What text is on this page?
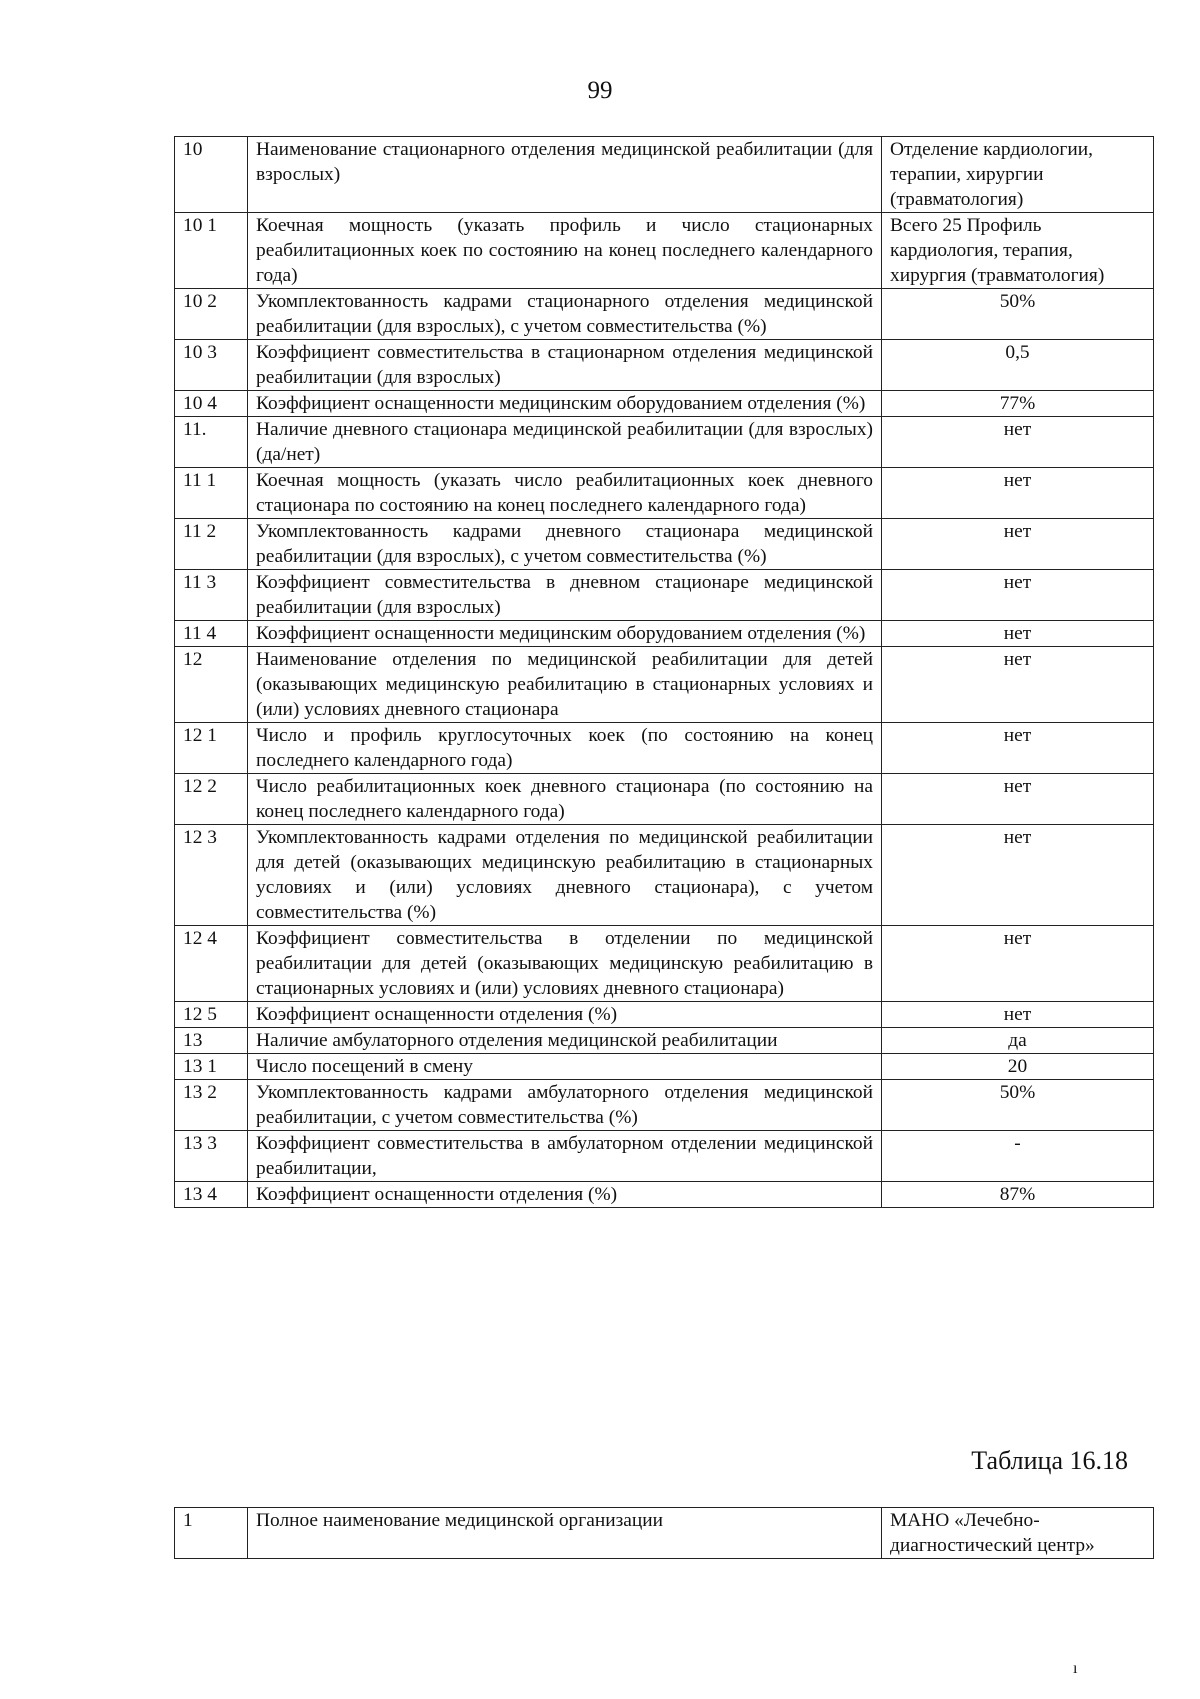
99
10	Наименование стационарного отделения медицинской реабилитации (для взрослых)	Отделение кардиологии, терапии, хирургии (травматология)
10 1	Коечная мощность (указать профиль и число стационарных реабилитационных коек по состоянию на конец последнего календарного года)	Всего 25 Профиль кардиология, терапия, хирургия (травматология)
10 2	Укомплектованность кадрами стационарного отделения медицинской реабилитации (для взрослых), с учетом совместительства (%)	50%
10 3	Коэффициент совместительства в стационарном отделения медицинской реабилитации (для взрослых)	0,5
10 4	Коэффициент оснащенности медицинским оборудованием отделения (%)	77%
11.	Наличие дневного стационара медицинской реабилитации (для взрослых) (да/нет)	нет
11 1	Коечная мощность (указать число реабилитационных коек дневного стационара по состоянию на конец последнего календарного года)	нет
11 2	Укомплектованность кадрами дневного стационара медицинской реабилитации (для взрослых), с учетом совместительства (%)	нет
11 3	Коэффициент совместительства в дневном стационаре медицинской реабилитации (для взрослых)	нет
11 4	Коэффициент оснащенности медицинским оборудованием отделения (%)	нет
12	Наименование отделения по медицинской реабилитации для детей (оказывающих медицинскую реабилитацию в стационарных условиях и (или) условиях дневного стационара	нет
12 1	Число и профиль круглосуточных коек (по состоянию на конец последнего календарного года)	нет
12 2	Число реабилитационных коек дневного стационара (по состоянию на конец последнего календарного года)	нет
12 3	Укомплектованность кадрами отделения по медицинской реабилитации для детей (оказывающих медицинскую реабилитацию в стационарных условиях и (или) условиях дневного стационара), с учетом совместительства (%)	нет
12 4	Коэффициент совместительства в отделении по медицинской реабилитации для детей (оказывающих медицинскую реабилитацию в стационарных условиях и (или) условиях дневного стационара)	нет
12 5	Коэффициент оснащенности отделения (%)	нет
13	Наличие амбулаторного отделения медицинской реабилитации	да
13 1	Число посещений в смену	20
13 2	Укомплектованность кадрами амбулаторного отделения медицинской реабилитации, с учетом совместительства (%)	50%
13 3	Коэффициент совместительства в амбулаторном отделении медицинской реабилитации,	-
13 4	Коэффициент оснащенности отделения (%)	87%
Таблица 16.18
1	Полное наименование медицинской организации	МАНО «Лечебно-диагностический центр»
ı
